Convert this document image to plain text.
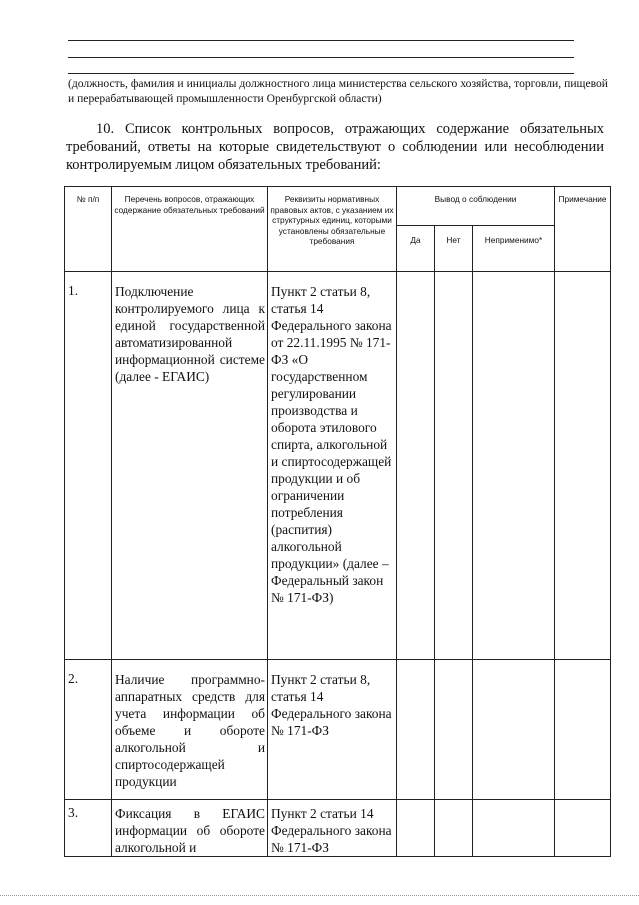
(должность, фамилия и инициалы должностного лица министерства сельского хозяйства, торговли, пищевой и перерабатывающей промышленности Оренбургской области)
10. Список контрольных вопросов, отражающих содержание обязательных требований, ответы на которые свидетельствуют о соблюдении или несоблюдении контролируемым лицом обязательных требований:
№ п/п	Перечень вопросов, отражающих содержание обязательных требований	Реквизиты нормативных правовых актов, с указанием их структурных единиц, которыми установлены обязательные требования	Вывод о соблюдении			Примечание
			Да	Нет	Неприменимо*	
1.	Подключение контролируемого лица к единой государственной автоматизированной информационной системе (далее - ЕГАИС)	Пункт 2 статьи 8, статья 14 Федерального закона от 22.11.1995 № 171-ФЗ «О государственном регулировании производства и оборота этилового спирта, алкогольной и спиртосодержащей продукции и об ограничении потребления (распития) алкогольной продукции» (далее – Федеральный закон № 171-ФЗ)				
2.	Наличие программно-аппаратных средств для учета информации об объеме и обороте алкогольной и спиртосодержащей продукции	Пункт 2 статьи 8, статья 14 Федерального закона № 171-ФЗ				
3.	Фиксация в ЕГАИС информации об обороте алкогольной и	Пункт 2 статьи 14 Федерального закона № 171-ФЗ				
